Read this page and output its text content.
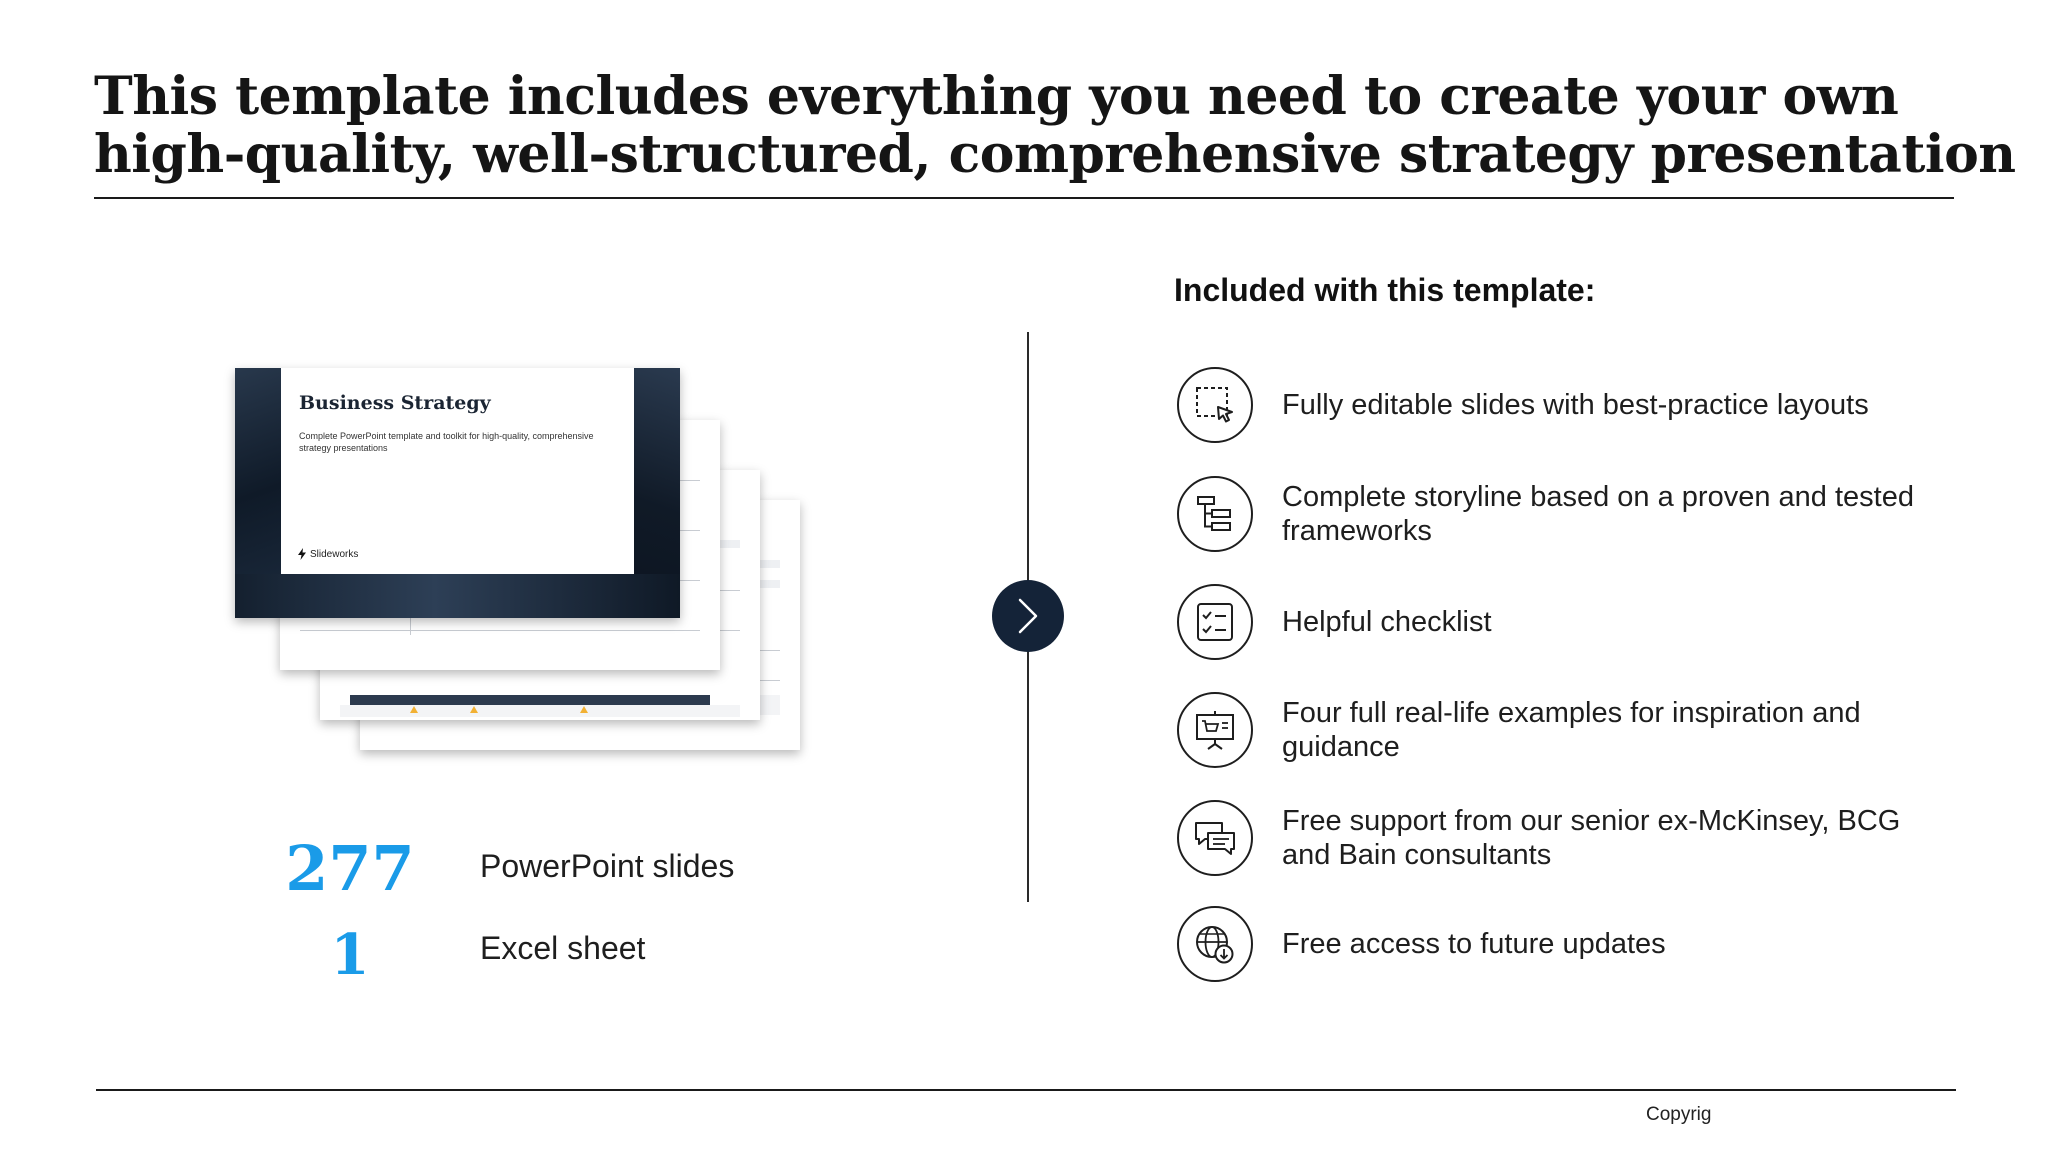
This template includes everything you need to create your own
high-quality, well-structured, comprehensive strategy presentation
Business Strategy
Complete PowerPoint template and toolkit for high-quality, comprehensive strategy presentations
Slideworks
277 PowerPoint slides
1	Excel sheet
Included with this template:
Fully editable slides with best-practice layouts
Complete storyline based on a proven and tested frameworks
Helpful checklist
Four full real-life examples for inspiration and guidance
Free support from our senior ex-McKinsey, BCG and Bain consultants
Free access to future updates
Copyrig
